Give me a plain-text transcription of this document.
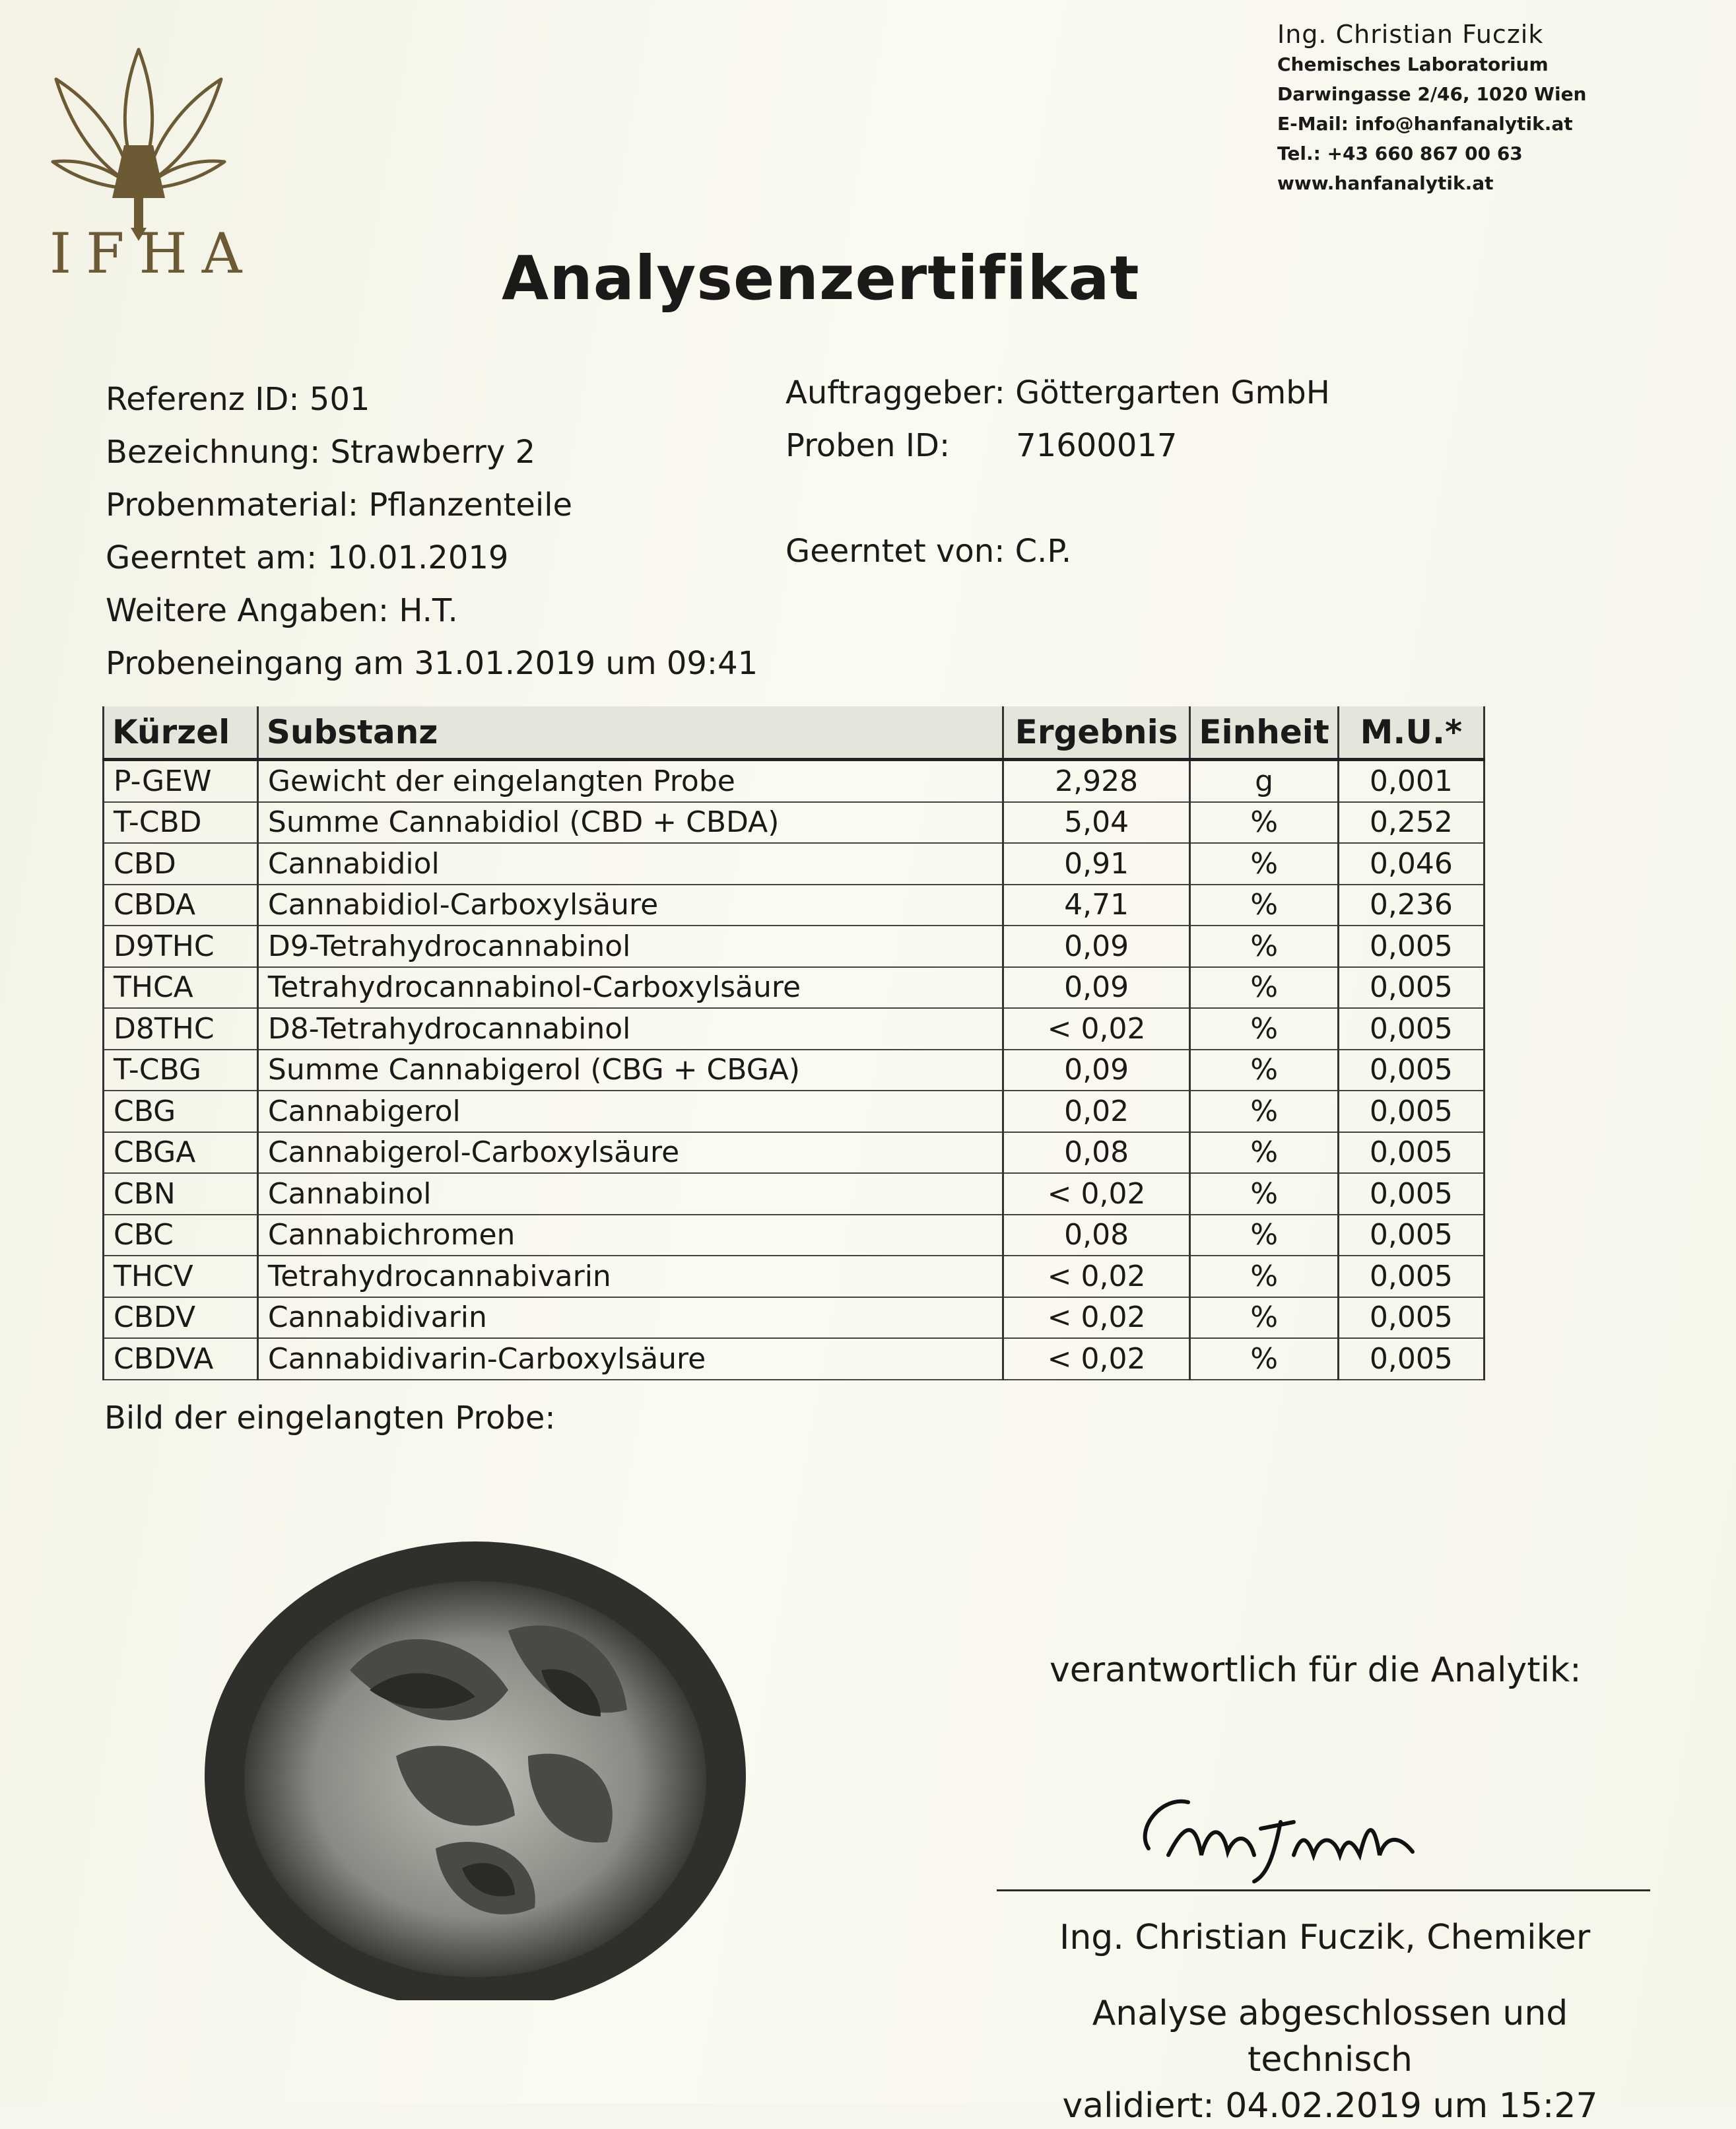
Ing. Christian Fuczik
Chemisches Laboratorium
Darwingasse 2/46, 1020 Wien
E-Mail: info@hanfanalytik.at
Tel.: +43 660 867 00 63
www.hanfanalytik.at
IFHA	Analysenzertifikat
Referenz ID: 501
Bezeichnung: Strawberry 2
Probenmaterial: Pflanzenteile
Geerntet am: 10.01.2019
Weitere Angaben: H.T.
Probeneingang am 31.01.2019 um 09:41
Auftraggeber: Göttergarten GmbH
Proben ID: 71600017
Geerntet von: C.P.
Kürzel	Substanz	Ergebnis	Einheit	M.U.*
P-GEW	Gewicht der eingelangten Probe	2,928	g	0,001
T-CBD	Summe Cannabidiol (CBD + CBDA)	5,04	%	0,252
CBD	Cannabidiol	0,91	%	0,046
CBDA	Cannabidiol-Carboxylsäure	4,71	%	0,236
D9THC	D9-Tetrahydrocannabinol	0,09	%	0,005
THCA	Tetrahydrocannabinol-Carboxylsäure	0,09	%	0,005
D8THC	D8-Tetrahydrocannabinol	< 0,02	%	0,005
T-CBG	Summe Cannabigerol (CBG + CBGA)	0,09	%	0,005
CBG	Cannabigerol	0,02	%	0,005
CBGA	Cannabigerol-Carboxylsäure	0,08	%	0,005
CBN	Cannabinol	< 0,02	%	0,005
CBC	Cannabichromen	0,08	%	0,005
THCV	Tetrahydrocannabivarin	< 0,02	%	0,005
CBDV	Cannabidivarin	< 0,02	%	0,005
CBDVA	Cannabidivarin-Carboxylsäure	< 0,02	%	0,005
Bild der eingelangten Probe:
verantwortlich für die Analytik:
Ing. Christian Fuczik, Chemiker
Analyse abgeschlossen und technisch
validiert: 04.02.2019 um 15:27
